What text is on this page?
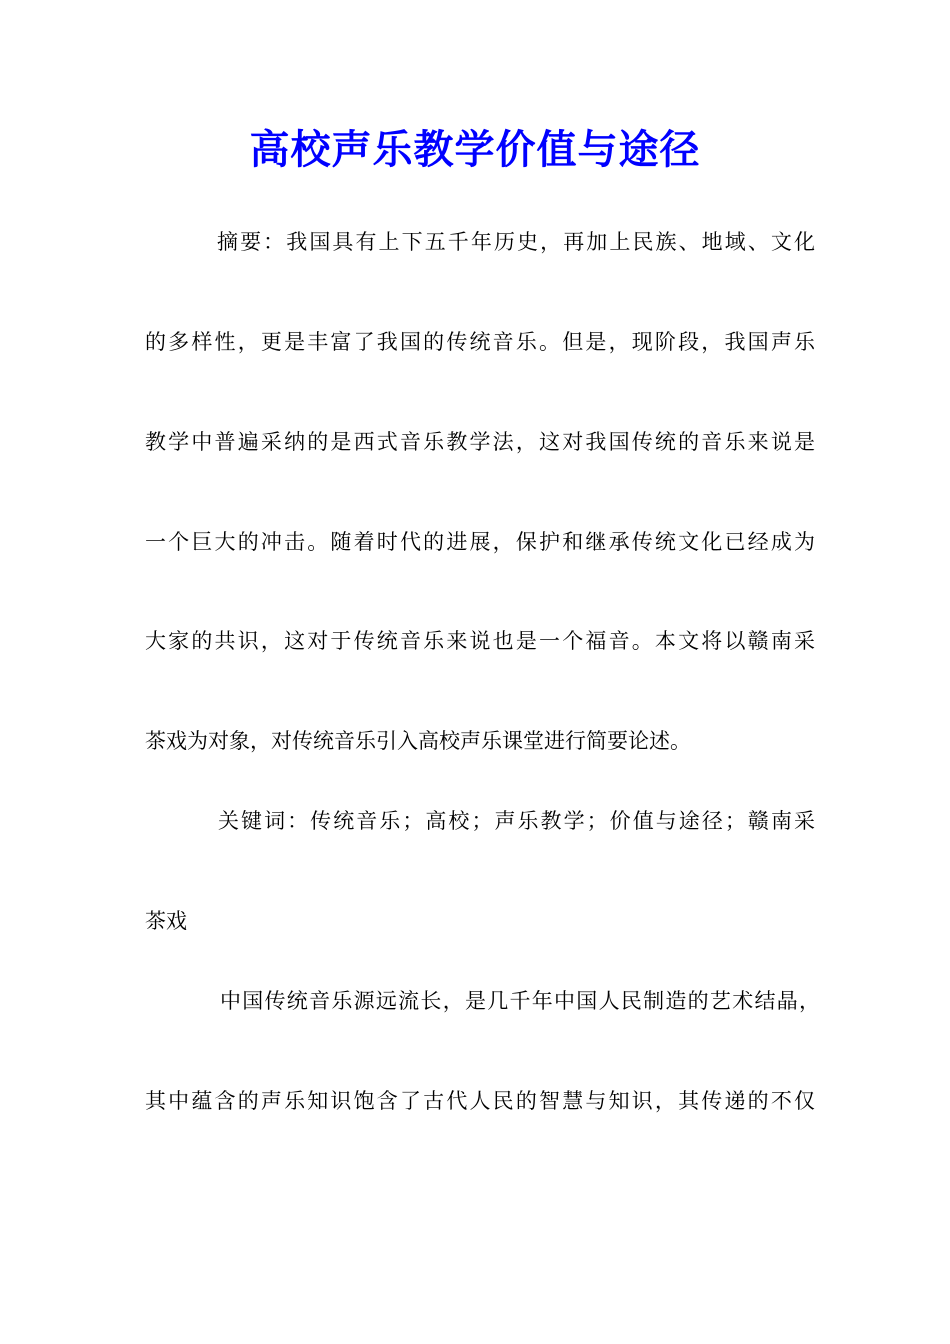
高校声乐教学价值与途径
摘要：我国具有上下五千年历史，再加上民族、地域、文化
的多样性，更是丰富了我国的传统音乐。但是，现阶段，我国声乐
教学中普遍采纳的是西式音乐教学法，这对我国传统的音乐来说是
一个巨大的冲击。随着时代的进展，保护和继承传统文化已经成为
大家的共识，这对于传统音乐来说也是一个福音。本文将以赣南采
茶戏为对象，对传统音乐引入高校声乐课堂进行简要论述。
关键词：传统音乐；高校；声乐教学；价值与途径；赣南采
茶戏
中国传统音乐源远流长，是几千年中国人民制造的艺术结晶，
其中蕴含的声乐知识饱含了古代人民的智慧与知识，其传递的不仅
